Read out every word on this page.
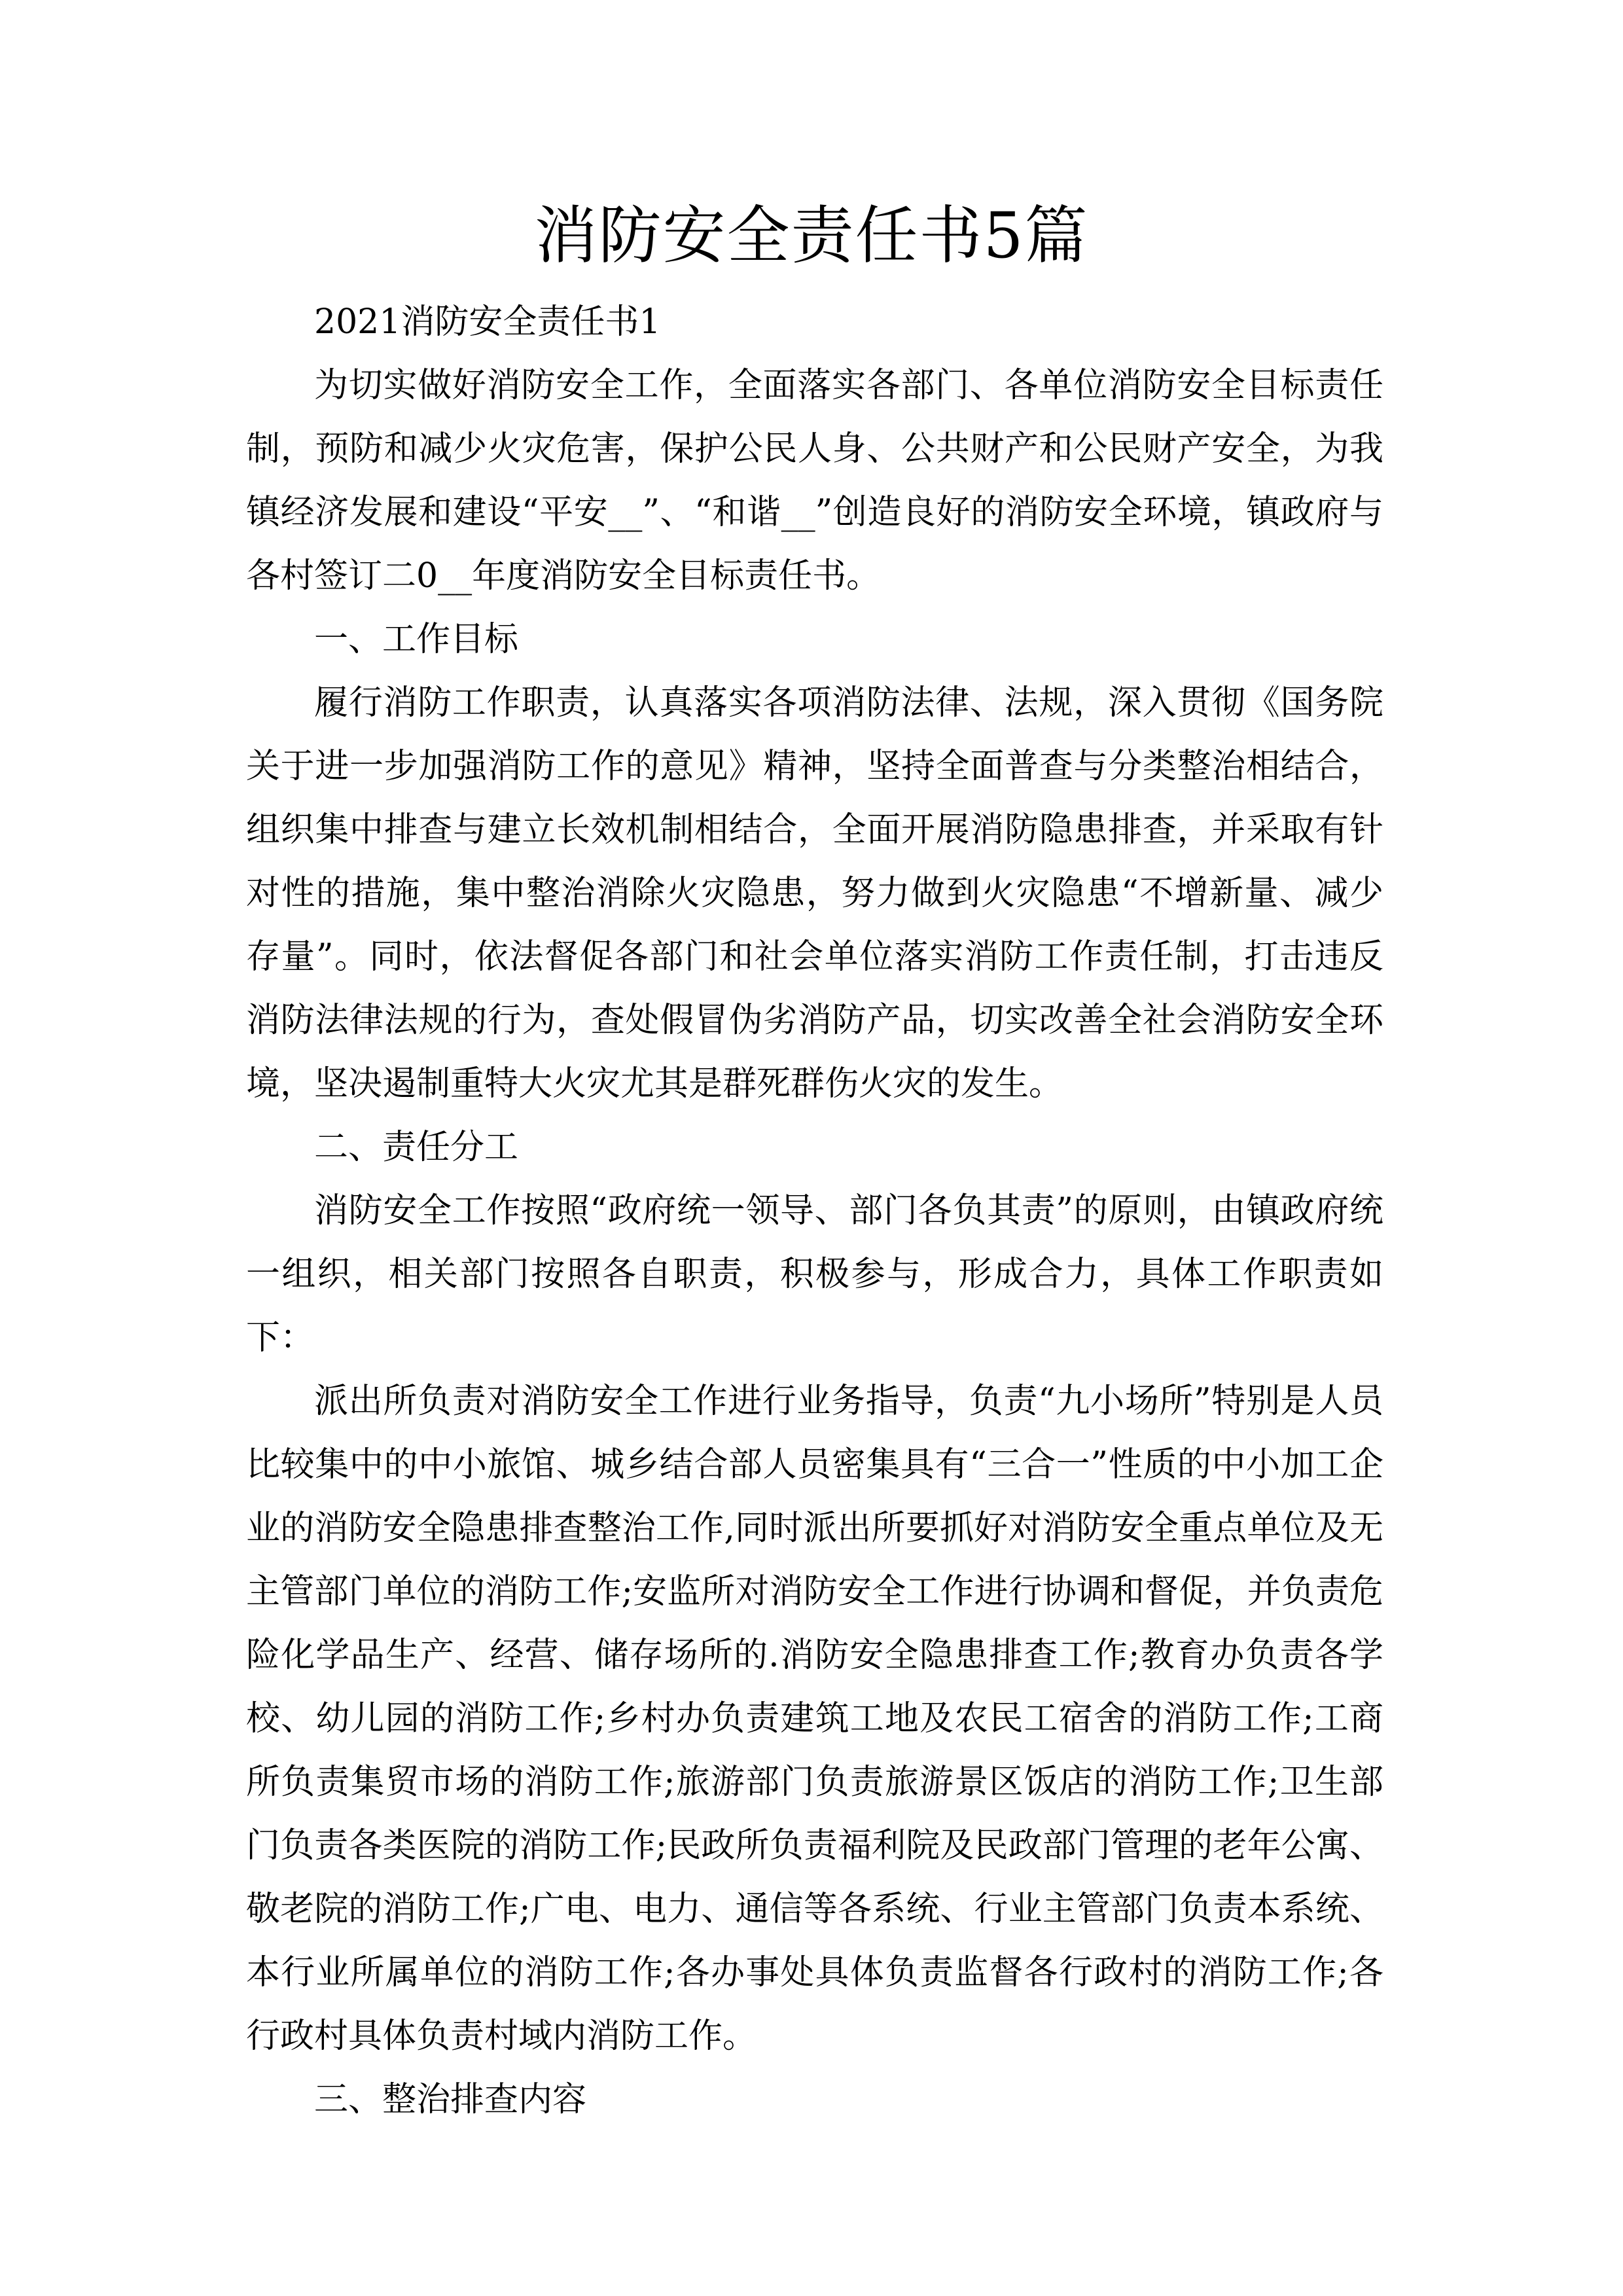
消防安全责任书5篇

2021消防安全责任书1

为切实做好消防安全工作，全面落实各部门、各单位消防安全目标责任制，预防和减少火灾危害，保护公民人身、公共财产和公民财产安全，为我镇经济发展和建设“平安__”、“和谐__”创造良好的消防安全环境，镇政府与各村签订二0__年度消防安全目标责任书。

一、工作目标

履行消防工作职责，认真落实各项消防法律、法规，深入贯彻《国务院关于进一步加强消防工作的意见》精神，坚持全面普查与分类整治相结合，组织集中排查与建立长效机制相结合，全面开展消防隐患排查，并采取有针对性的措施，集中整治消除火灾隐患，努力做到火灾隐患“不增新量、减少存量”。同时，依法督促各部门和社会单位落实消防工作责任制，打击违反消防法律法规的行为，查处假冒伪劣消防产品，切实改善全社会消防安全环境，坚决遏制重特大火灾尤其是群死群伤火灾的发生。

二、责任分工

消防安全工作按照“政府统一领导、部门各负其责”的原则，由镇政府统一组织，相关部门按照各自职责，积极参与，形成合力，具体工作职责如下：

派出所负责对消防安全工作进行业务指导，负责“九小场所”特别是人员比较集中的中小旅馆、城乡结合部人员密集具有“三合一”性质的中小加工企业的消防安全隐患排查整治工作,同时派出所要抓好对消防安全重点单位及无主管部门单位的消防工作;安监所对消防安全工作进行协调和督促，并负责危险化学品生产、经营、储存场所的.消防安全隐患排查工作;教育办负责各学校、幼儿园的消防工作;乡村办负责建筑工地及农民工宿舍的消防工作;工商所负责集贸市场的消防工作;旅游部门负责旅游景区饭店的消防工作;卫生部门负责各类医院的消防工作;民政所负责福利院及民政部门管理的老年公寓、敬老院的消防工作;广电、电力、通信等各系统、行业主管部门负责本系统、本行业所属单位的消防工作;各办事处具体负责监督各行政村的消防工作;各行政村具体负责村域内消防工作。

三、整治排查内容
